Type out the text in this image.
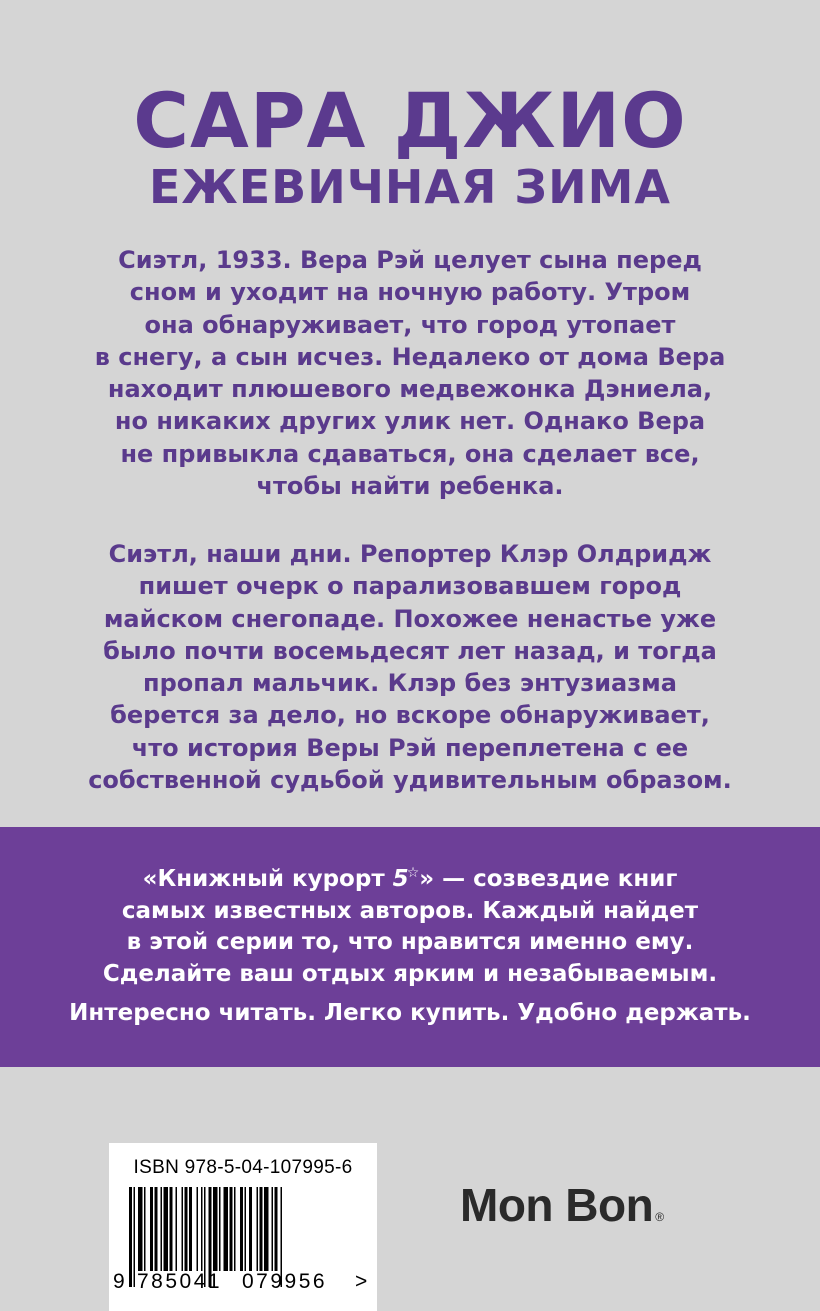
САРА ДЖИО
ЕЖЕВИЧНАЯ ЗИМА
Сиэтл, 1933. Вера Рэй целует сына перед
сном и уходит на ночную работу. Утром
она обнаруживает, что город утопает
в снегу, а сын исчез. Недалеко от дома Вера
находит плюшевого медвежонка Дэниела,
но никаких других улик нет. Однако Вера
не привыкла сдаваться, она сделает все,
чтобы найти ребенка.
Сиэтл, наши дни. Репортер Клэр Олдридж
пишет очерк о парализовавшем город
майском снегопаде. Похожее ненастье уже
было почти восемьдесят лет назад, и тогда
пропал мальчик. Клэр без энтузиазма
берется за дело, но вскоре обнаруживает,
что история Веры Рэй переплетена с ее
собственной судьбой удивительным образом.
«Книжный курорт 5☆» — созвездие книг
самых известных авторов. Каждый найдет
в этой серии то, что нравится именно ему.
Сделайте ваш отдых ярким и незабываемым.
Интересно читать. Легко купить. Удобно держать.
ISBN 978-5-04-107995-6
9 785041 079956 >
Mon Bon ®
